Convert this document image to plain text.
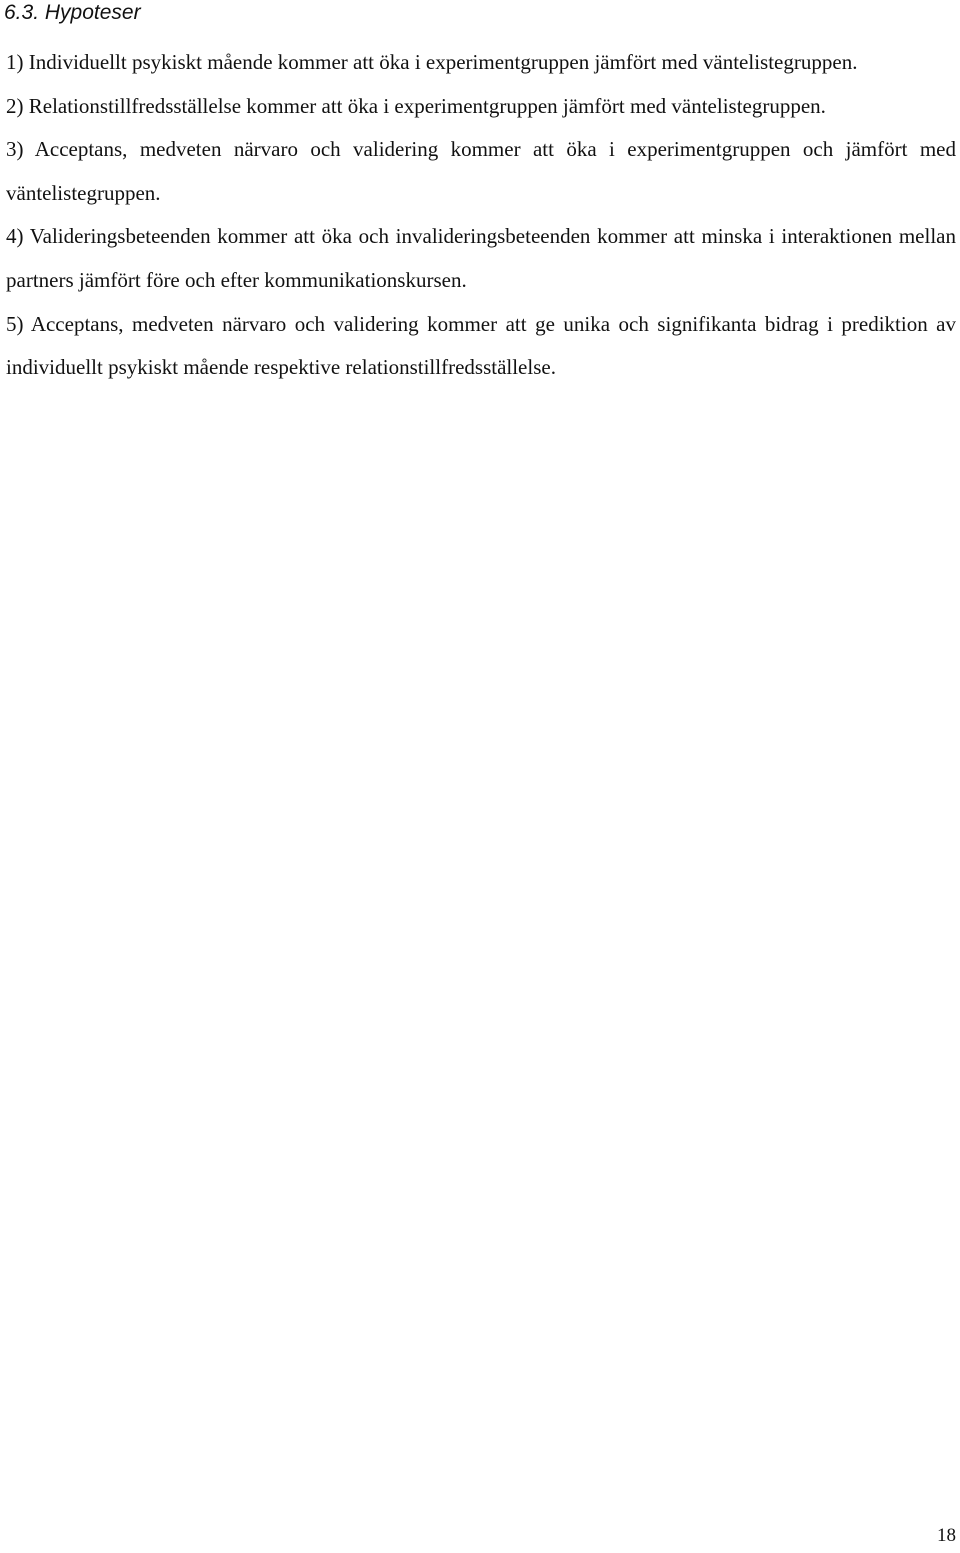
6.3. Hypoteser
1) Individuellt psykiskt mående kommer att öka i experimentgruppen jämfört med väntelistegruppen.
2) Relationstillfredsställelse kommer att öka i experimentgruppen jämfört med väntelistegruppen.
3) Acceptans, medveten närvaro och validering kommer att öka i experimentgruppen och jämfört med väntelistegruppen.
4) Valideringsbeteenden kommer att öka och invalideringsbeteenden kommer att minska i interaktionen mellan partners jämfört före och efter kommunikationskursen.
5) Acceptans, medveten närvaro och validering kommer att ge unika och signifikanta bidrag i prediktion av individuellt psykiskt mående respektive relationstillfredsställelse.
18
